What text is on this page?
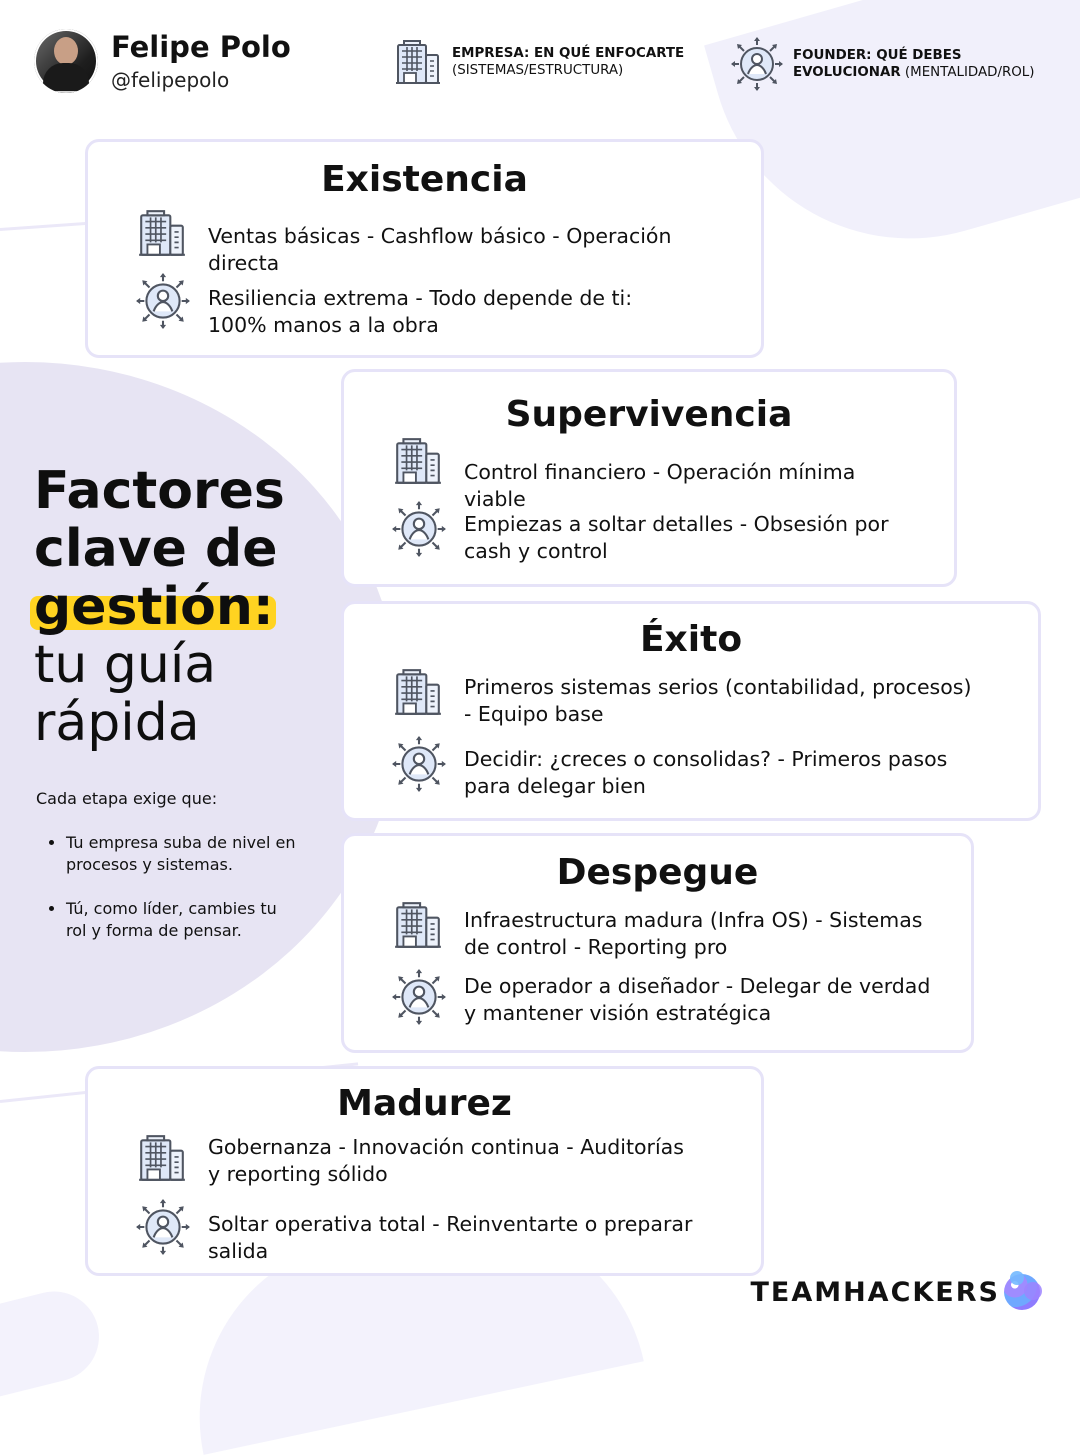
Felipe Polo
@felipepolo
EMPRESA: EN QUÉ ENFOCARTE
(SISTEMAS/ESTRUCTURA)
FOUNDER: QUÉ DEBES
EVOLUCIONAR (MENTALIDAD/ROL)
Factores
clave de
gestión:
tu guía
rápida
Cada etapa exige que:
• Tu empresa suba de nivel en procesos y sistemas.
• Tú, como líder, cambies tu rol y forma de pensar.
Existencia
Ventas básicas - Cashflow básico - Operación directa
Resiliencia extrema - Todo depende de ti: 100% manos a la obra
Supervivencia
Control financiero - Operación mínima viable
Empiezas a soltar detalles - Obsesión por cash y control
Éxito
Primeros sistemas serios (contabilidad, procesos) - Equipo base
Decidir: ¿creces o consolidas? - Primeros pasos para delegar bien
Despegue
Infraestructura madura (Infra OS) - Sistemas de control - Reporting pro
De operador a diseñador - Delegar de verdad y mantener visión estratégica
Madurez
Gobernanza - Innovación continua - Auditorías y reporting sólido
Soltar operativa total - Reinventarte o preparar salida
TEAMHACKERS
